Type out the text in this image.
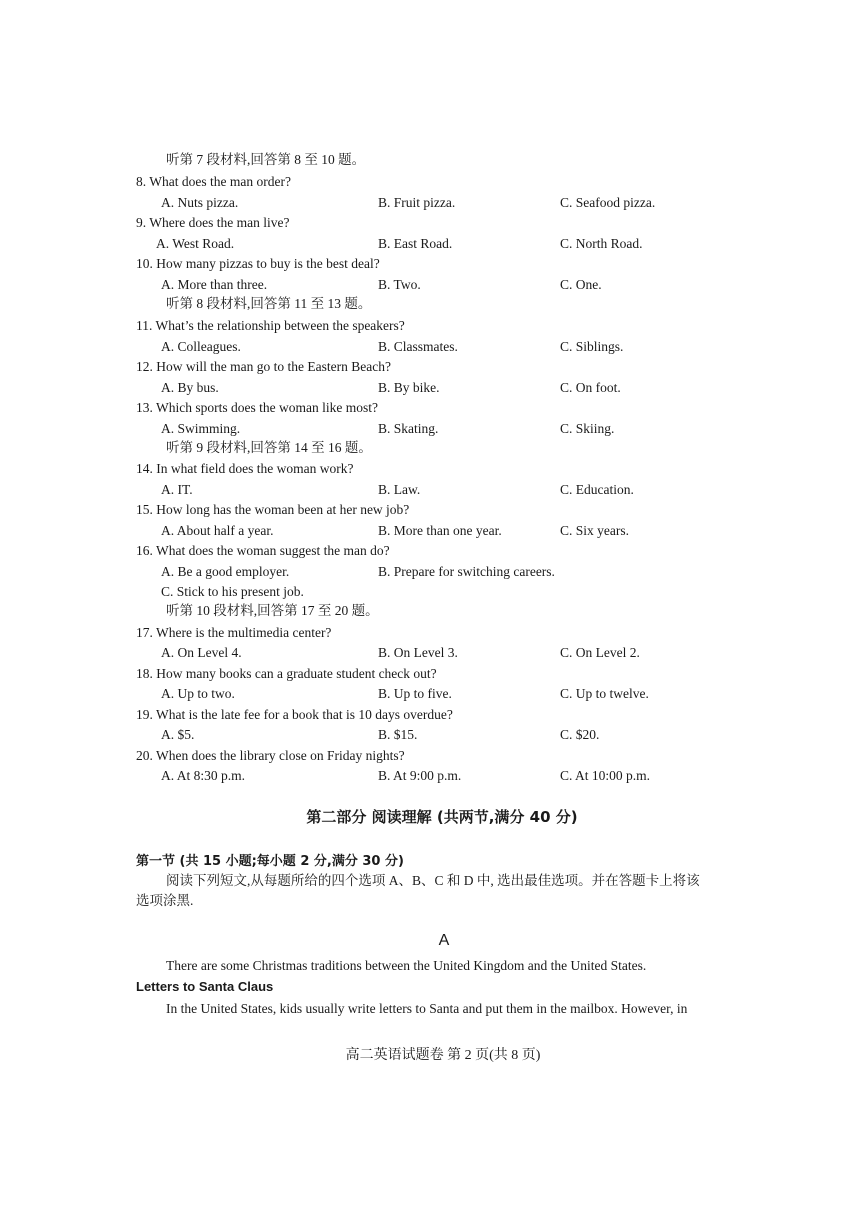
听第 7 段材料,回答第 8 至 10 题。
8. What does the man order?
A. Nuts pizza.	B. Fruit pizza.	C. Seafood pizza.
9. Where does the man live?
A. West Road.	B. East Road.	C. North Road.
10. How many pizzas to buy is the best deal?
A. More than three.	B. Two.	C. One.
听第 8 段材料,回答第 11 至 13 题。
11. What’s the relationship between the speakers?
A. Colleagues.	B. Classmates.	C. Siblings.
12. How will the man go to the Eastern Beach?
A. By bus.	B. By bike.	C. On foot.
13. Which sports does the woman like most?
A. Swimming.	B. Skating.	C. Skiing.
听第 9 段材料,回答第 14 至 16 题。
14. In what field does the woman work?
A. IT.	B. Law.	C. Education.
15. How long has the woman been at her new job?
A. About half a year.	B. More than one year.	C. Six years.
16. What does the woman suggest the man do?
A. Be a good employer.	B. Prepare for switching careers.
C. Stick to his present job.
听第 10 段材料,回答第 17 至 20 题。
17. Where is the multimedia center?
A. On Level 4.	B. On Level 3.	C. On Level 2.
18. How many books can a graduate student check out?
A. Up to two.	B. Up to five.	C. Up to twelve.
19. What is the late fee for a book that is 10 days overdue?
A. $5.	B. $15.	C. $20.
20. When does the library close on Friday nights?
A. At 8:30 p.m.	B. At 9:00 p.m.	C. At 10:00 p.m.
第二部分 阅读理解 (共两节,满分 40 分)
第一节 (共 15 小题;每小题 2 分,满分 30 分)
阅读下列短文,从每题所给的四个选项 A、B、C 和 D 中, 选出最佳选项。并在答题卡上将该
选项涂黑.
A
There are some Christmas traditions between the United Kingdom and the United States.
Letters to Santa Claus
In the United States, kids usually write letters to Santa and put them in the mailbox. However, in
高二英语试题卷 第 2 页(共 8 页)
